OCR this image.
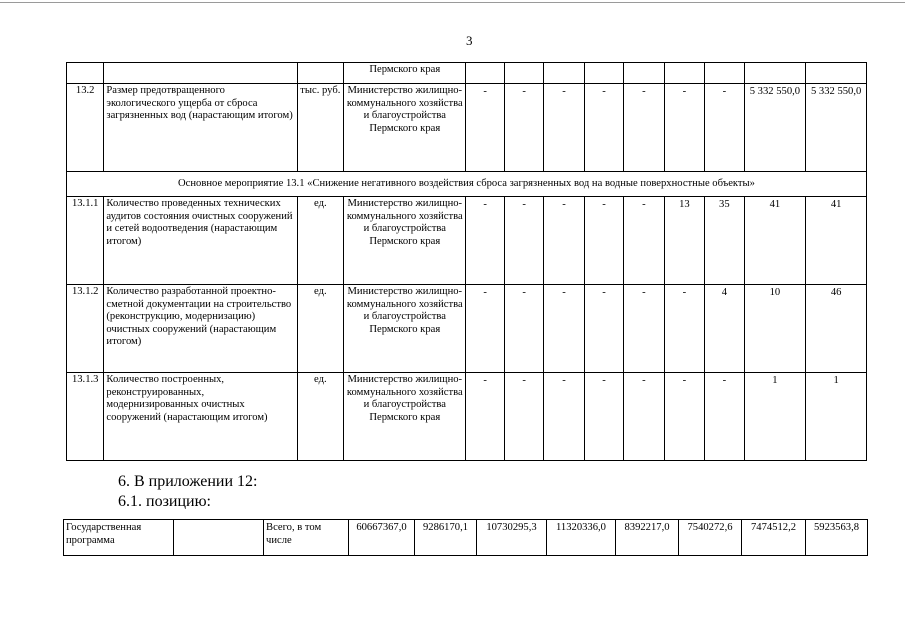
3
			Пермского края									
13.2	Размер предотвращенного экологического ущерба от сброса загрязненных вод (нарастающим итогом)	тыс. руб.	Министерство жилищно-коммунального хозяйства и благоустройства Пермского края	-	-	-	-	-	-	-	5 332 550,0	5 332 550,0
Основное мероприятие 13.1 «Снижение негативного воздействия сброса загрязненных вод на водные поверхностные объекты»												
13.1.1	Количество проведенных технических аудитов состояния очистных сооружений и сетей водоотведения (нарастающим итогом)	ед.	Министерство жилищно-коммунального хозяйства и благоустройства Пермского края	-	-	-	-	-	13	35	41	41
13.1.2	Количество разработанной проектно-сметной документации на строительство (реконструкцию, модернизацию) очистных сооружений (нарастающим итогом)	ед.	Министерство жилищно-коммунального хозяйства и благоустройства Пермского края	-	-	-	-	-	-	4	10	46
13.1.3	Количество построенных, реконструированных, модернизированных очистных сооружений (нарастающим итогом)	ед.	Министерство жилищно-коммунального хозяйства и благоустройства Пермского края	-	-	-	-	-	-	-	1	1
6. В приложении 12:
6.1. позицию:
Государственная программа		Всего, в том числе	60667367,0	9286170,1	10730295,3	11320336,0	8392217,0	7540272,6	7474512,2	5923563,8
